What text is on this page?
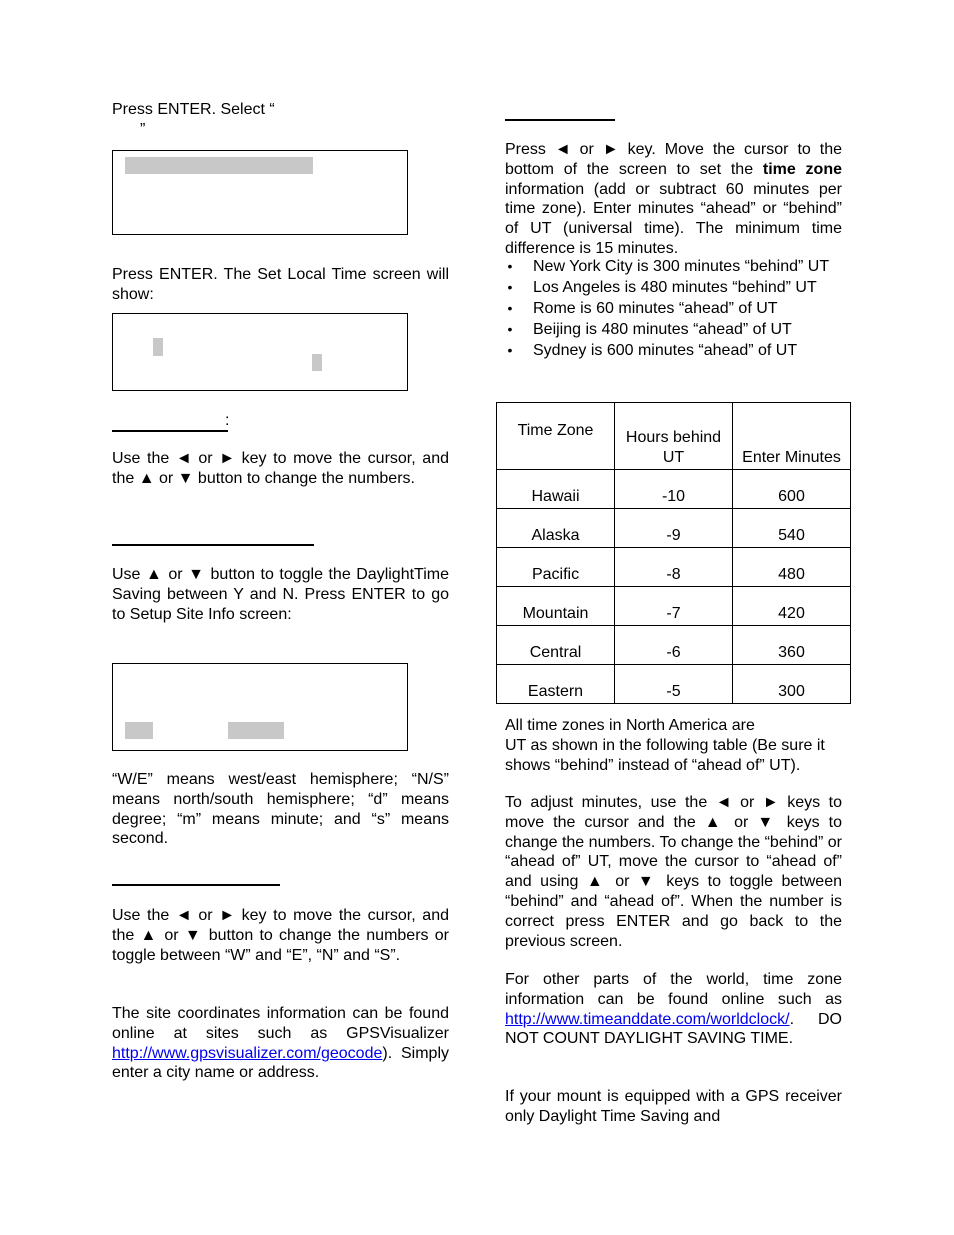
Press ENTER. Select “
”
Press ENTER. The Set Local Time screen will show:
:
Use the ◄ or ► key to move the cursor, and the ▲ or ▼ button to change the numbers.
Use ▲ or ▼ button to toggle the DaylightTime Saving between Y and N. Press ENTER to go to Setup Site Info screen:
“W/E” means west/east hemisphere; “N/S” means north/south hemisphere; “d” means degree; “m” means minute; and “s” means second.
Use the ◄ or ► key to move the cursor, and the ▲ or ▼ button to change the numbers or toggle between “W” and “E”, “N” and “S”.
The site coordinates information can be found online at sites such as GPSVisualizer http://www.gpsvisualizer.com/geocode). Simply enter a city name or address.
Press ◄ or ► key. Move the cursor to the bottom of the screen to set the time zone information (add or subtract 60 minutes per time zone). Enter minutes “ahead” or “behind” of UT (universal time). The minimum time difference is 15 minutes.
• New York City is 300 minutes “behind” UT
• Los Angeles is 480 minutes “behind” UT
• Rome is 60 minutes “ahead” of UT
• Beijing is 480 minutes “ahead” of UT
• Sydney is 600 minutes “ahead” of UT
All time zones in North America are
UT as shown in the following table (Be sure it shows “behind” instead of “ahead of” UT).
To adjust minutes, use the ◄ or ► keys to move the cursor and the ▲ or ▼ keys to change the numbers. To change the “behind” or “ahead of” UT, move the cursor to “ahead of” and using ▲ or ▼ keys to toggle between “behind” and “ahead of”. When the number is correct press ENTER and go back to the previous screen.
For other parts of the world, time zone information can be found online such as http://www.timeanddate.com/worldclock/. DO NOT COUNT DAYLIGHT SAVING TIME.
If your mount is equipped with a GPS receiver only Daylight Time Saving and
Time Zone	Hours behind UT	Enter Minutes
Hawaii	-10	600
Alaska	-9	540
Pacific	-8	480
Mountain	-7	420
Central	-6	360
Eastern	-5	300
